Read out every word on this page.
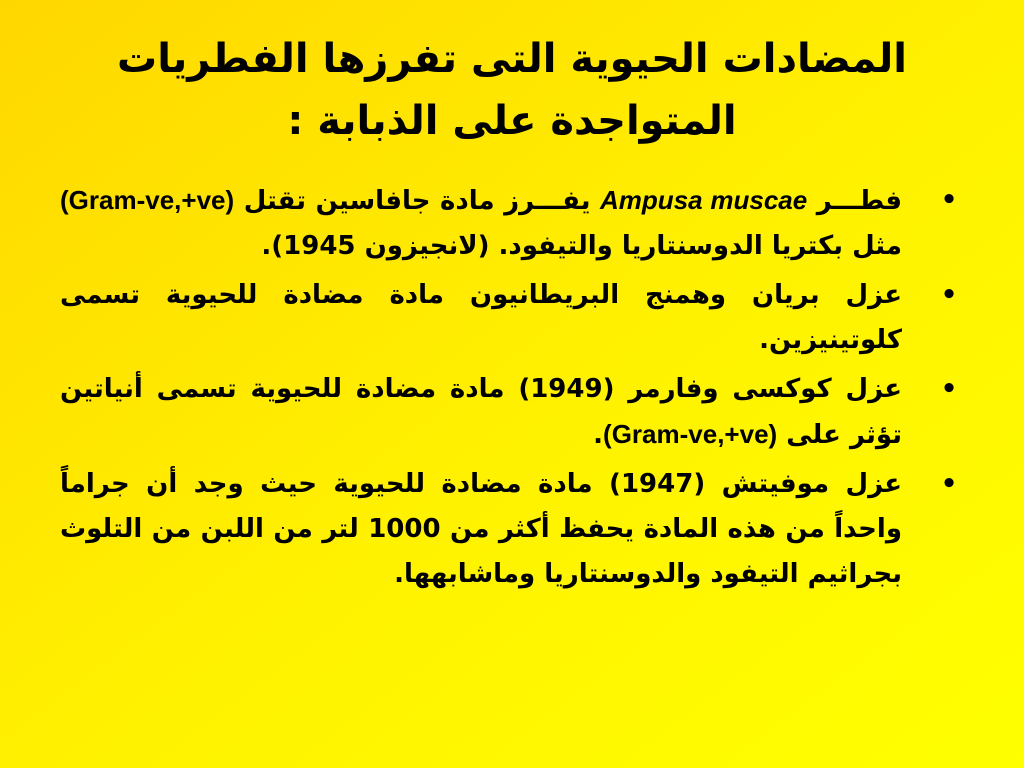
المضادات الحيوية التى تفرزها الفطريات
المتواجدة على الذبابة :
•
فطـــر Ampusa muscae يفـــرز مادة جافاسين تقتل (Gram-ve,+ve) مثل بكتريا الدوسنتاريا والتيفود. (لانجيزون 1945).
•
عزل بريان وهمنج البريطانيون مادة مضادة للحيوية تسمى كلوتينيزين.
•
عزل كوكسى وفارمر (1949) مادة مضادة للحيوية تسمى أنياتين تؤثر على (Gram-ve,+ve).
•
عزل موفيتش (1947) مادة مضادة للحيوية حيث وجد أن جراماً واحداً من هذه المادة يحفظ أكثر من 1000 لتر من اللبن من التلوث بجراثيم التيفود والدوسنتاريا وماشابهها.
